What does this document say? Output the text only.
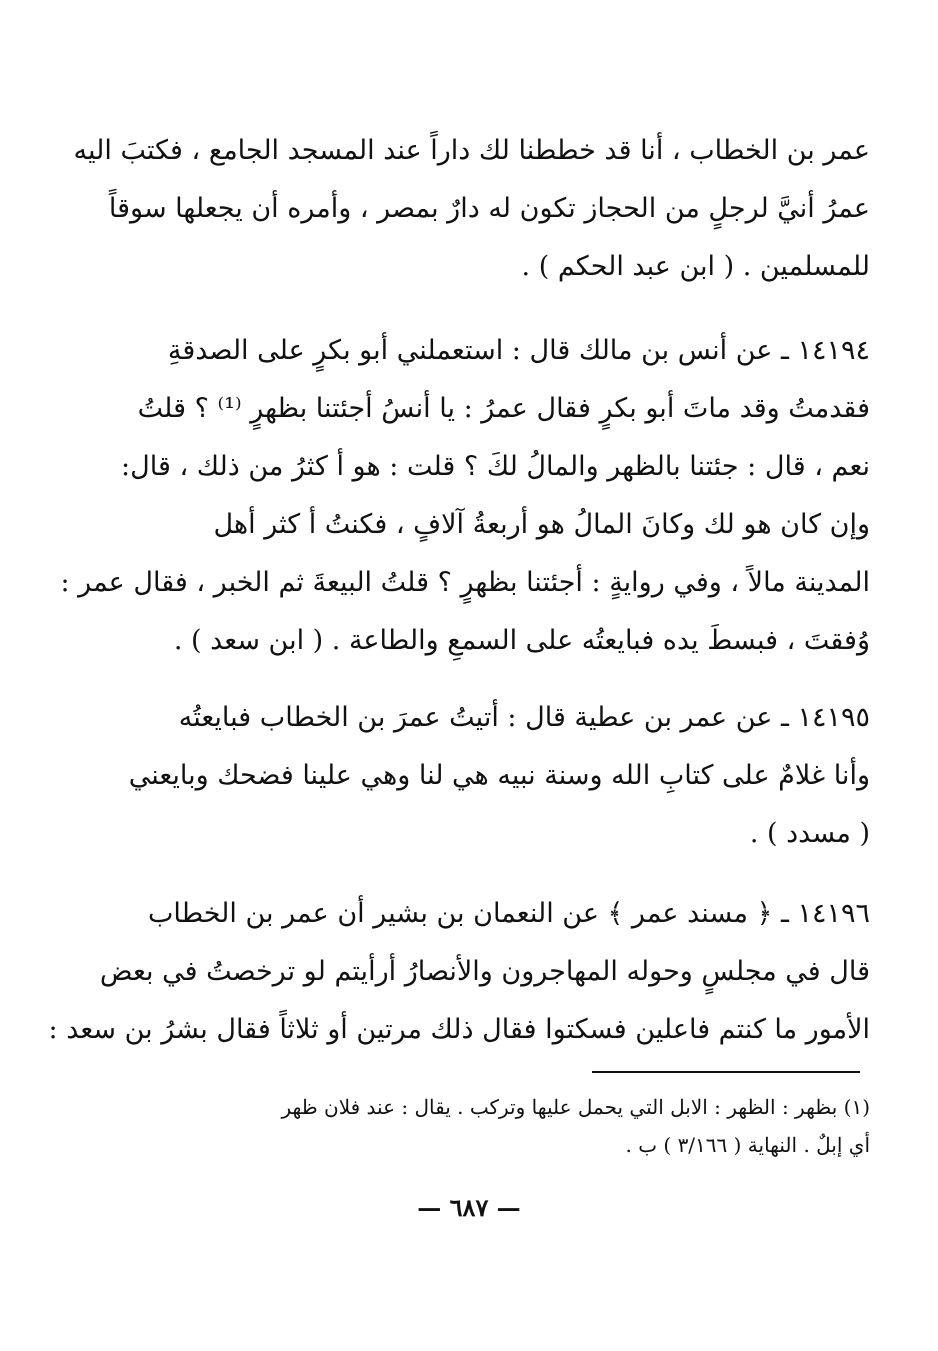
عمر بن الخطاب ، أنا قد خططنا لك داراً عند المسجد الجامع ، فكتبَ اليه
عمرُ أنيَّ لرجلٍ من الحجاز تكون له دارٌ بمصر ، وأمره أن يجعلها سوقاً
للمسلمين . ( ابن عبد الحكم ) .
١٤١٩٤ ـ عن أنس بن مالك قال : استعملني أبو بكرٍ على الصدقةِ
فقدمتُ وقد ماتَ أبو بكرٍ فقال عمرُ : يا أنسُ أجئتنا بظهرٍ ⁽¹⁾ ؟ قلتُ
نعم ، قال : جئتنا بالظهر والمالُ لكَ ؟ قلت : هو أ كثرُ من ذلك ، قال:
وإن كان هو لك وكانَ المالُ هو أربعةُ آلافٍ ، فكنتُ أ كثر أهل
المدينة مالاً ، وفي روايةٍ : أجئتنا بظهرٍ ؟ قلتُ البيعةَ ثم الخبر ، فقال عمر :
وُفقتَ ، فبسطَ يده فبايعتُه على السمعِ والطاعة . ( ابن سعد ) .
١٤١٩٥ ـ عن عمر بن عطية قال : أتيتُ عمرَ بن الخطاب فبايعتُه
وأنا غلامٌ على كتابِ الله وسنة نبيه هي لنا وهي علينا فضحك وبايعني
( مسدد ) .
١٤١٩٦ ـ ﴿ مسند عمر ﴾ عن النعمان بن بشير أن عمر بن الخطاب
قال في مجلسٍ وحوله المهاجرون والأنصارُ أرأيتم لو ترخصتُ في بعض
الأمور ما كنتم فاعلين فسكتوا فقال ذلك مرتين أو ثلاثاً فقال بشرُ بن سعد :
(١) بظهر : الظهر : الابل التي يحمل عليها وتركب . يقال : عند فلان ظهر
أي إبلٌ . النهاية ( ٣/١٦٦ ) ب .
— ٦٨٧ —
